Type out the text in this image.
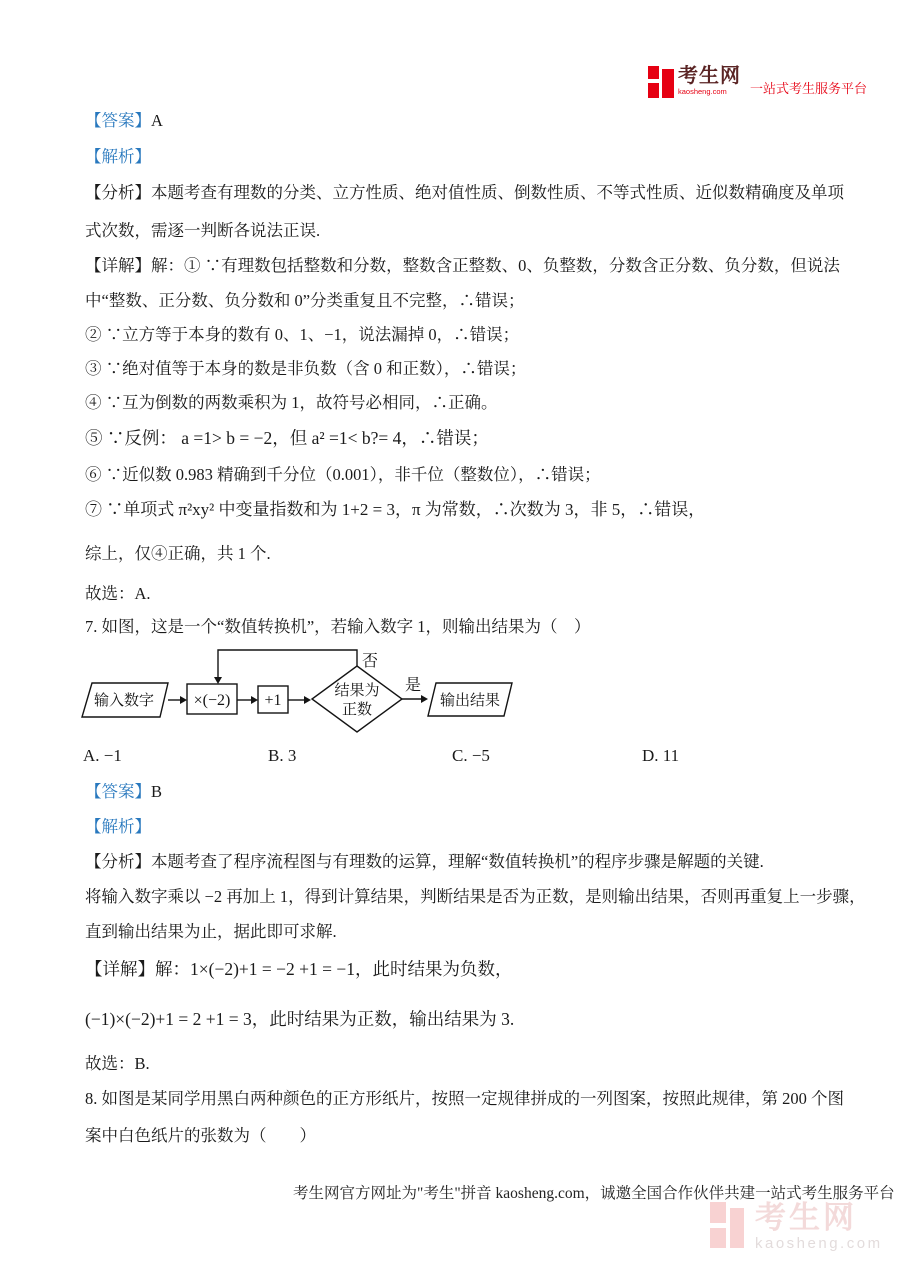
考生网
kaosheng.com	一站式考生服务平台
【答案】A
【解析】
【分析】本题考查有理数的分类、立方性质、绝对值性质、倒数性质、不等式性质、近似数精确度及单项
式次数，需逐一判断各说法正误.
【详解】解：① ∵有理数包括整数和分数，整数含正整数、0、负整数，分数含正分数、负分数，但说法
中“整数、正分数、负分数和 0”分类重复且不完整，∴错误；
② ∵立方等于本身的数有 0、1、−1，说法漏掉 0，∴错误；
③ ∵绝对值等于本身的数是非负数（含 0 和正数），∴错误；
④ ∵互为倒数的两数乘积为 1，故符号必相同，∴正确。
⑤ ∵反例： a =1> b = −2，但 a² =1< b?= 4，∴错误；
⑥ ∵近似数 0.983 精确到千分位（0.001），非千位（整数位），∴错误；
⑦ ∵单项式 π²xy² 中变量指数和为 1+2 = 3，π 为常数，∴次数为 3，非 5，∴错误，
综上，仅④正确，共 1 个.
故选：A.
7. 如图，这是一个“数值转换机”，若输入数字 1，则输出结果为（　）
否
输入数字 ×(−2) +1
结果为
正数
是
输出结果
A. −1	B. 3	C. −5	D. 11
【答案】B
【解析】
【分析】本题考查了程序流程图与有理数的运算，理解“数值转换机”的程序步骤是解题的关键.
将输入数字乘以 −2 再加上 1，得到计算结果，判断结果是否为正数，是则输出结果，否则再重复上一步骤，
直到输出结果为止，据此即可求解.
【详解】解：1×(−2)+1 = −2 +1 = −1，此时结果为负数，
(−1)×(−2)+1 = 2 +1 = 3，此时结果为正数，输出结果为 3.
故选：B.
8. 如图是某同学用黑白两种颜色的正方形纸片，按照一定规律拼成的一列图案，按照此规律，第 200 个图
案中白色纸片的张数为（　　）
考生网官方网址为"考生"拼音 kaosheng.com，诚邀全国合作伙伴共建一站式考生服务平台
考生网
kaosheng.com
